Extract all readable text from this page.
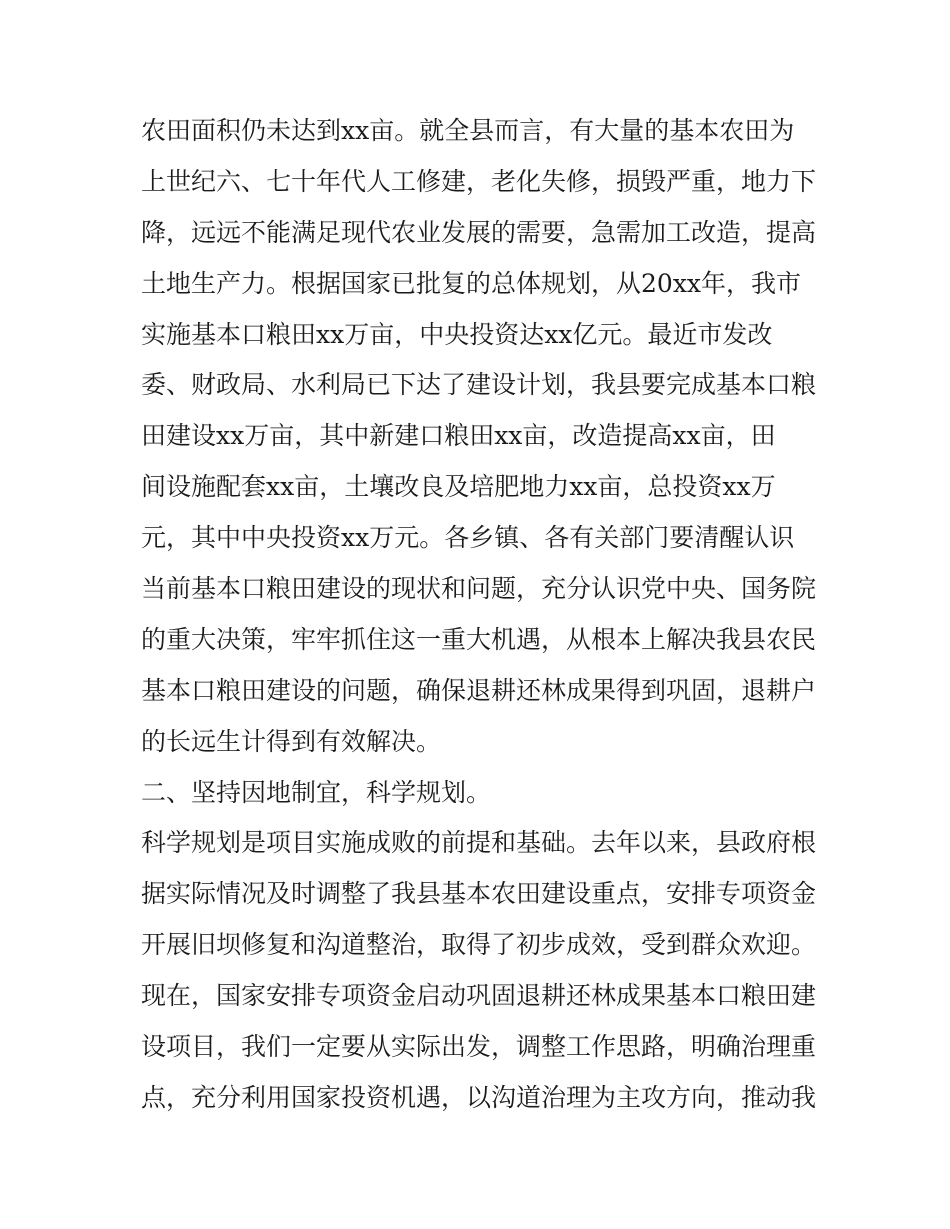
农田面积仍未达到xx亩。就全县而言，有大量的基本农田为
上世纪六、七十年代人工修建，老化失修，损毁严重，地力下
降，远远不能满足现代农业发展的需要，急需加工改造，提高
土地生产力。根据国家已批复的总体规划，从20xx年，我市
实施基本口粮田xx万亩，中央投资达xx亿元。最近市发改
委、财政局、水利局已下达了建设计划，我县要完成基本口粮
田建设xx万亩，其中新建口粮田xx亩，改造提高xx亩，田
间设施配套xx亩，土壤改良及培肥地力xx亩，总投资xx万
元，其中中央投资xx万元。各乡镇、各有关部门要清醒认识
当前基本口粮田建设的现状和问题，充分认识党中央、国务院
的重大决策，牢牢抓住这一重大机遇，从根本上解决我县农民
基本口粮田建设的问题，确保退耕还林成果得到巩固，退耕户
的长远生计得到有效解决。
二、坚持因地制宜，科学规划。
科学规划是项目实施成败的前提和基础。去年以来，县政府根
据实际情况及时调整了我县基本农田建设重点，安排专项资金
开展旧坝修复和沟道整治，取得了初步成效，受到群众欢迎。
现在，国家安排专项资金启动巩固退耕还林成果基本口粮田建
设项目，我们一定要从实际出发，调整工作思路，明确治理重
点，充分利用国家投资机遇，以沟道治理为主攻方向，推动我
